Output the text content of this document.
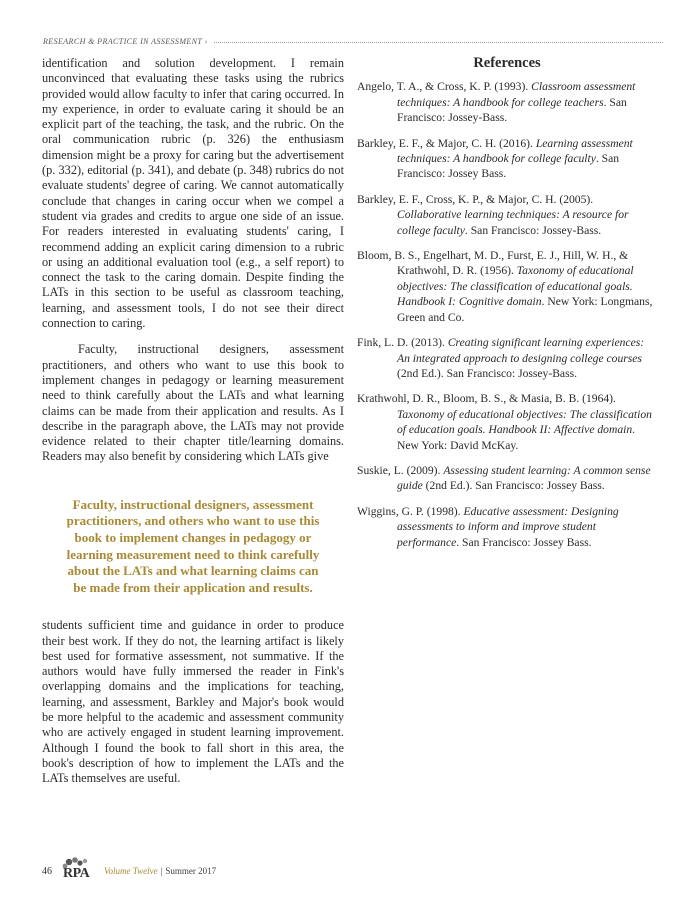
RESEARCH & PRACTICE IN ASSESSMENT ›

identification and solution development. I remain unconvinced that evaluating these tasks using the rubrics provided would allow faculty to infer that caring occurred. In my experience, in order to evaluate caring it should be an explicit part of the teaching, the task, and the rubric. On the oral communication rubric (p. 326) the enthusiasm dimension might be a proxy for caring but the advertisement (p. 332), editorial (p. 341), and debate (p. 348) rubrics do not evaluate students' degree of caring. We cannot automatically conclude that changes in caring occur when we compel a student via grades and credits to argue one side of an issue. For readers interested in evaluating students' caring, I recommend adding an explicit caring dimension to a rubric or using an additional evaluation tool (e.g., a self report) to connect the task to the caring domain. Despite finding the LATs in this section to be useful as classroom teaching, learning, and assessment tools, I do not see their direct connection to caring.

Faculty, instructional designers, assessment practitioners, and others who want to use this book to implement changes in pedagogy or learning measurement need to think carefully about the LATs and what learning claims can be made from their application and results. As I describe in the paragraph above, the LATs may not provide evidence related to their chapter title/learning domains. Readers may also benefit by considering which LATs give

Faculty, instructional designers, assessment practitioners, and others who want to use this book to implement changes in pedagogy or learning measurement need to think carefully about the LATs and what learning claims can be made from their application and results.

students sufficient time and guidance in order to produce their best work. If they do not, the learning artifact is likely best used for formative assessment, not summative. If the authors would have fully immersed the reader in Fink's overlapping domains and the implications for teaching, learning, and assessment, Barkley and Major's book would be more helpful to the academic and assessment community who are actively engaged in student learning improvement. Although I found the book to fall short in this area, the book's description of how to implement the LATs and the LATs themselves are useful.

References

Angelo, T. A., & Cross, K. P. (1993). Classroom assessment techniques: A handbook for college teachers. San Francisco: Jossey-Bass.

Barkley, E. F., & Major, C. H. (2016). Learning assessment techniques: A handbook for college faculty. San Francisco: Jossey Bass.

Barkley, E. F., Cross, K. P., & Major, C. H. (2005). Collaborative learning techniques: A resource for college faculty. San Francisco: Jossey-Bass.

Bloom, B. S., Engelhart, M. D., Furst, E. J., Hill, W. H., & Krathwohl, D. R. (1956). Taxonomy of educational objectives: The classification of educational goals. Handbook I: Cognitive domain. New York: Longmans, Green and Co.

Fink, L. D. (2013). Creating significant learning experiences: An integrated approach to designing college courses (2nd Ed.). San Francisco: Jossey-Bass.

Krathwohl, D. R., Bloom, B. S., & Masia, B. B. (1964). Taxonomy of educational objectives: The classification of education goals. Handbook II: Affective domain. New York: David McKay.

Suskie, L. (2009). Assessing student learning: A common sense guide (2nd Ed.). San Francisco: Jossey Bass.

Wiggins, G. P. (1998). Educative assessment: Designing assessments to inform and improve student performance. San Francisco: Jossey Bass.

46 RPA Volume Twelve | Summer 2017
